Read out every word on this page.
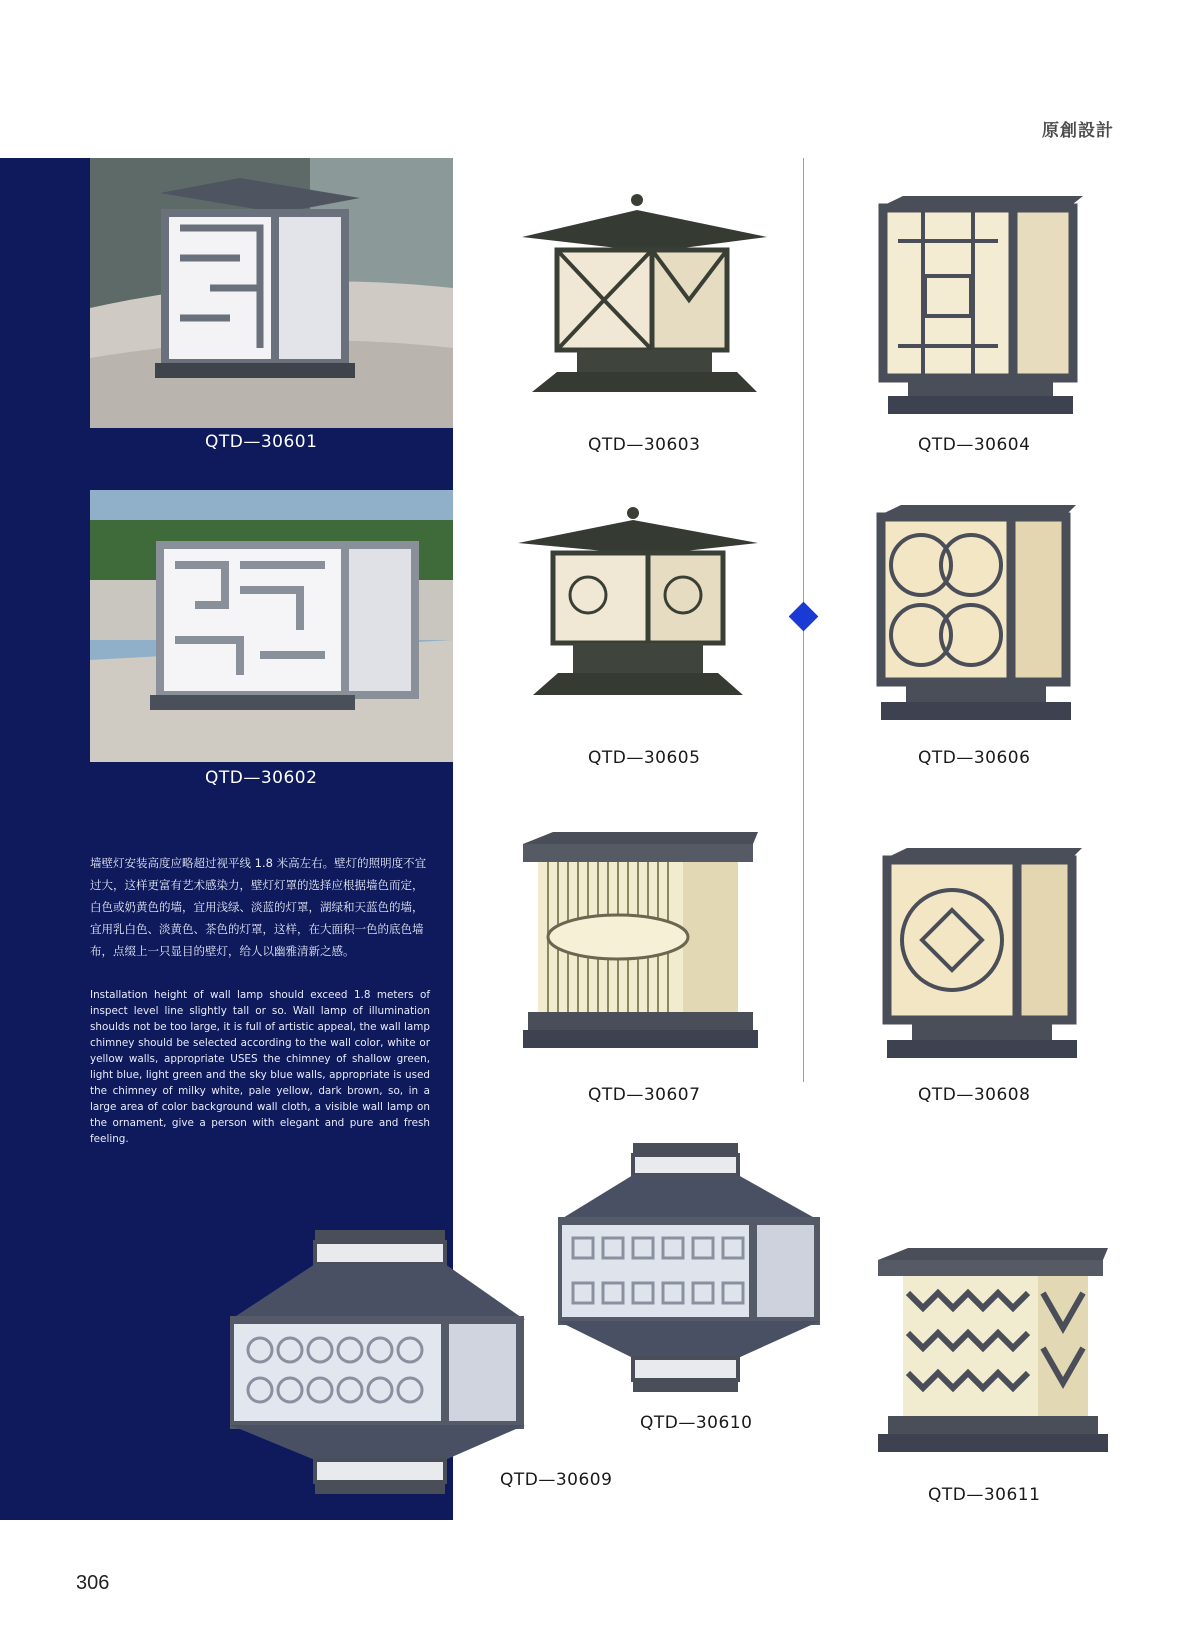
原創設計
QTD—30601
QTD—30602
墙壁灯安装高度应略超过视平线 1.8 米高左右。壁灯的照明度不宜过大，这样更富有艺术感染力，壁灯灯罩的选择应根据墙色而定，白色或奶黄色的墙，宜用浅绿、淡蓝的灯罩，湖绿和天蓝色的墙，宜用乳白色、淡黄色、茶色的灯罩，这样，在大面积一色的底色墙布，点缀上一只显目的壁灯，给人以幽雅清新之感。
Installation height of wall lamp should exceed 1.8 meters of inspect level line slightly tall or so. Wall lamp of illumination shoulds not be too large, it is full of artistic appeal, the wall lamp chimney should be selected according to the wall color, white or yellow walls, appropriate USES the chimney of shallow green, light blue, light green and the sky blue walls, appropriate is used the chimney of milky white, pale yellow, dark brown, so, in a large area of color background wall cloth, a visible wall lamp on the ornament, give a person with elegant and pure and fresh feeling.
QTD—30603	QTD—30604
QTD—30605	QTD—30606
QTD—30607	QTD—30608
QTD—30609
QTD—30610
QTD—30611
306
